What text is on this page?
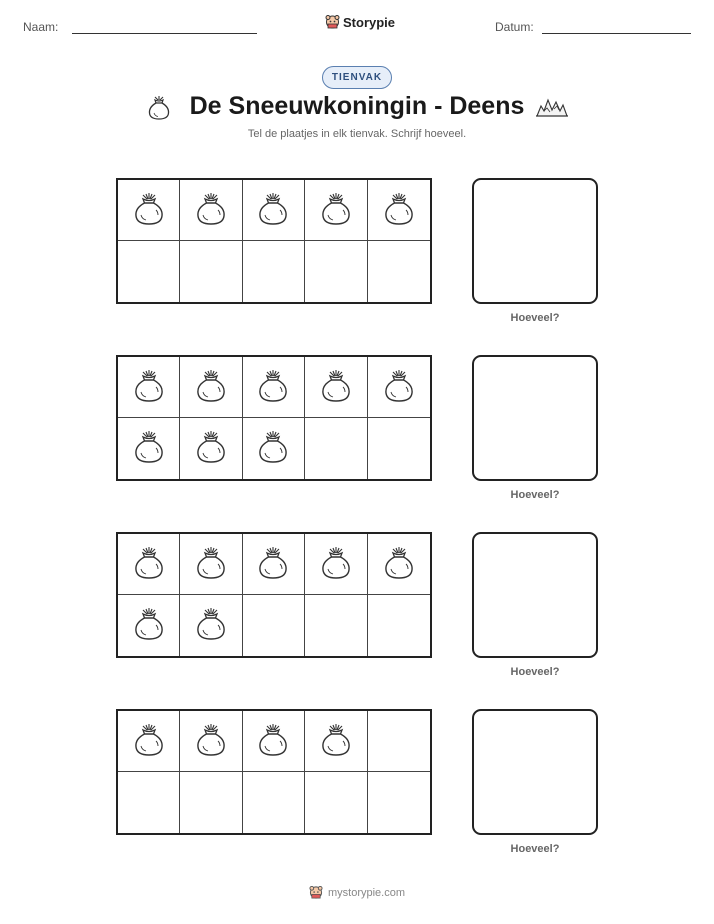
Naam:	Storypie	Datum:
TIENVAK
De Sneeuwkoningin - Deens
Tel de plaatjes in elk tienvak. Schrijf hoeveel.
Hoeveel?
Hoeveel?
Hoeveel?
Hoeveel?
mystorypie.com
